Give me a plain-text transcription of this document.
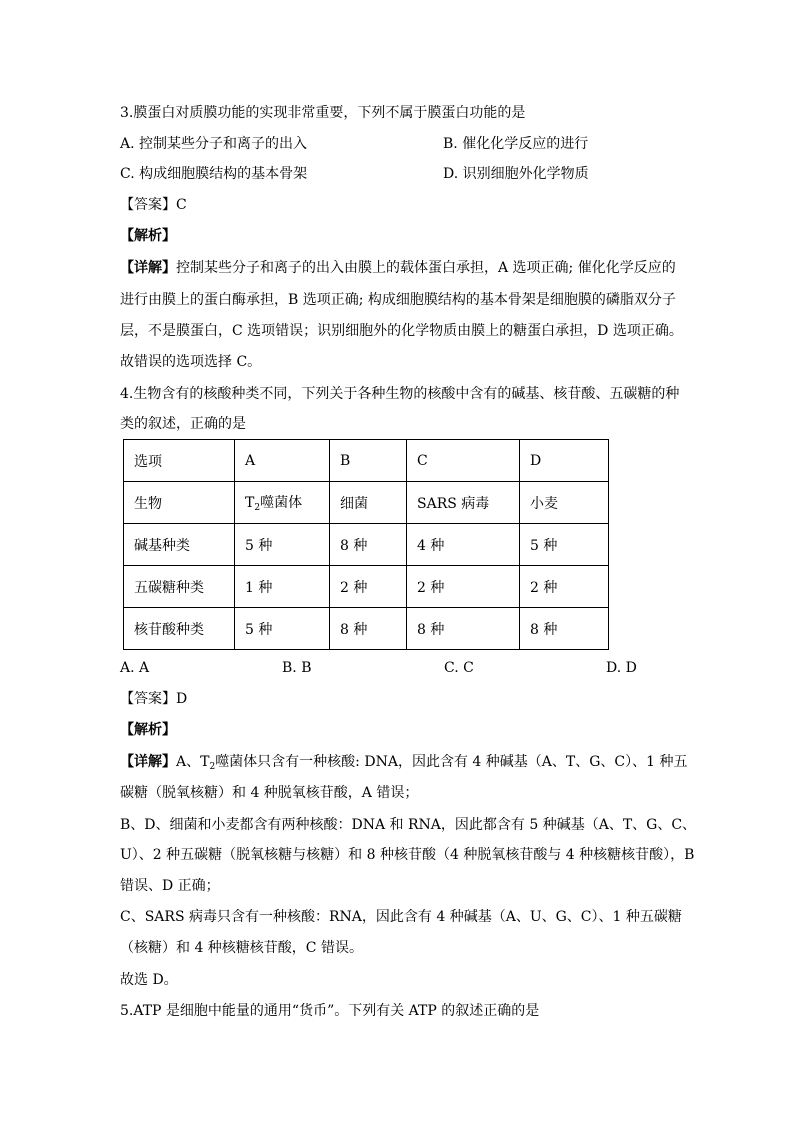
3.膜蛋白对质膜功能的实现非常重要，下列不属于膜蛋白功能的是
A. 控制某些分子和离子的出入	B. 催化化学反应的进行
C. 构成细胞膜结构的基本骨架	D. 识别细胞外化学物质
【答案】C
【解析】
【详解】控制某些分子和离子的出入由膜上的载体蛋白承担，A 选项正确; 催化化学反应的
进行由膜上的蛋白酶承担，B 选项正确; 构成细胞膜结构的基本骨架是细胞膜的磷脂双分子
层，不是膜蛋白，C 选项错误；识别细胞外的化学物质由膜上的糖蛋白承担，D 选项正确。
故错误的选项选择 C。
4.生物含有的核酸种类不同，下列关于各种生物的核酸中含有的碱基、核苷酸、五碳糖的种
类的叙述，正确的是
选项	A	B	C	D
生物	$T_2$噬菌体	细菌	SARS 病毒	小麦
碱基种类	5 种	8 种	4 种	5 种
五碳糖种类	1 种	2 种	2 种	2 种
核苷酸种类	5 种	8 种	8 种	8 种
A. A	B. B	C. C	D. D
【答案】D
【解析】
【详解】A、$T_2$噬菌体只含有一种核酸: DNA，因此含有 4 种碱基（A、T、G、C）、1 种五
碳糖（脱氧核糖）和 4 种脱氧核苷酸，A 错误；
B、D、细菌和小麦都含有两种核酸：DNA 和 RNA，因此都含有 5 种碱基（A、T、G、C、
U）、2 种五碳糖（脱氧核糖与核糖）和 8 种核苷酸（4 种脱氧核苷酸与 4 种核糖核苷酸），B
错误、D 正确；
C、SARS 病毒只含有一种核酸：RNA，因此含有 4 种碱基（A、U、G、C）、1 种五碳糖
（核糖）和 4 种核糖核苷酸，C 错误。
故选 D。
5.ATP 是细胞中能量的通用“货币”。下列有关 ATP 的叙述正确的是
